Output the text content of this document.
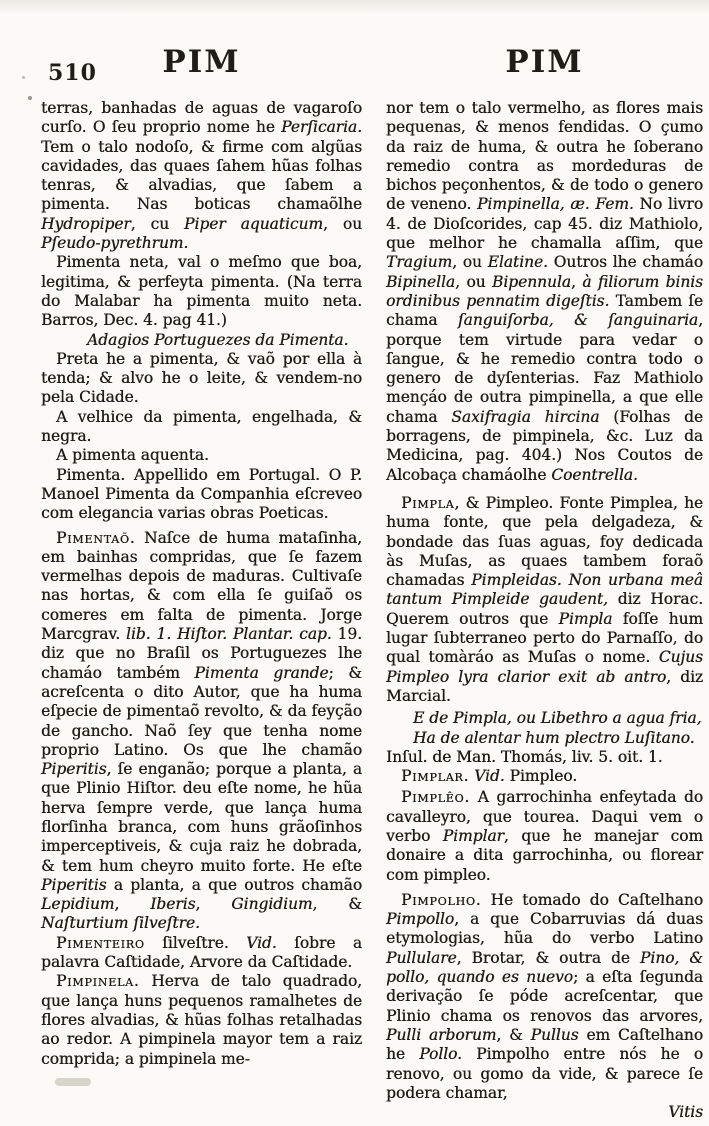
510	PIM	PIM

terras, banhadas de aguas de vagaroſo curſo. O ſeu proprio nome he Perſicaria. Tem o talo nodoſo, & firme com algũas cavidades, das quaes ſahem hũas folhas tenras, & alvadias, que ſabem a pimenta. Nas boticas chamaõlhe Hydropiper, cu Piper aquaticum, ou Pſeudo-pyrethrum.

Pimenta neta, val o meſmo que boa, legitima, & perfeyta pimenta. (Na terra do Malabar ha pimenta muito neta. Barros, Dec. 4. pag 41.)

Adagios Portuguezes da Pimenta.

Preta he a pimenta, & vaõ por ella à tenda; & alvo he o leite, & vendem-no pela Cidade.

A velhice da pimenta, engelhada, & negra.

A pimenta aquenta.

Pimenta. Appellido em Portugal. O P. Manoel Pimenta da Companhia eſcreveo com elegancia varias obras Poeticas.

Pimentaõ. Naſce de huma mataſinha, em bainhas compridas, que ſe fazem vermelhas depois de maduras. Cultivaſe nas hortas, & com ella ſe guiſaõ os comeres em falta de pimenta. Jorge Marcgrav. lib. 1. Hiſtor. Plantar. cap. 19. diz que no Braſil os Portuguezes lhe chamáo também Pimenta grande; & acreſcenta o dito Autor, que ha huma eſpecie de pimentaõ revolto, & da feyção de gancho. Naõ ſey que tenha nome proprio Latino. Os que lhe chamão Piperitis, ſe enganão; porque a planta, a que Plinio Hiſtor. deu eſte nome, he hũa herva ſempre verde, que lança huma florſinha branca, com huns grãoſinhos imperceptiveis, & cuja raiz he dobrada, & tem hum cheyro muito forte. He eſte Piperitis a planta, a que outros chamão Lepidium, Iberis, Gingidium, & Naſturtium ſilveſtre.

Pimenteiro ſilveſtre. Vid. ſobre a palavra Caſtidade, Arvore da Caſtidade.

Pimpinela. Herva de talo quadrado, que lança huns pequenos ramalhetes de flores alvadias, & hũas folhas retalhadas ao redor. A pimpinela mayor tem a raiz comprida; a pimpinela me-

nor tem o talo vermelho, as flores mais pequenas, & menos fendidas. O çumo da raiz de huma, & outra he ſoberano remedio contra as mordeduras de bichos peçonhentos, & de todo o genero de veneno. Pimpinella, æ. Fem. No livro 4. de Dioſcorides, cap 45. diz Mathiolo, que melhor he chamalla aſſim, que Tragium, ou Elatine. Outros lhe chamáo Bipinella, ou Bipennula, à filiorum binis ordinibus pennatim digeſtis. Tambem ſe chama ſanguiſorba, & ſanguinaria, porque tem virtude para vedar o ſangue, & he remedio contra todo o genero de dyſenterias. Faz Mathiolo mençáo de outra pimpinella, a que elle chama Saxifragia hircina (Folhas de borragens, de pimpinela, &c. Luz da Medicina, pag. 404.) Nos Coutos de Alcobaça chamáolhe Coentrella.

Pimpla, & Pimpleo. Fonte Pimplea, he huma fonte, que pela delgadeza, & bondade das ſuas aguas, foy dedicada às Muſas, as quaes tambem foraõ chamadas Pimpleidas. Non urbana meâ tantum Pimpleide gaudent, diz Horac. Querem outros que Pimpla foſſe hum lugar ſubterraneo perto do Parnaſſo, do qual tomàráo as Muſas o nome. Cujus Pimpleo lyra clarior exit ab antro, diz Marcial.

E de Pimpla, ou Libethro a agua fria,

Ha de alentar hum plectro Luſitano.

Inſul. de Man. Thomás, liv. 5. oit. 1.

Pimplar. Vid. Pimpleo.

Pimplêo. A garrochinha enfeytada do cavalleyro, que tourea. Daqui vem o verbo Pimplar, que he manejar com donaire a dita garrochinha, ou florear com pimpleo.

Pimpolho. He tomado do Caſtelhano Pimpollo, a que Cobarruvias dá duas etymologias, hũa do verbo Latino Pullulare, Brotar, & outra de Pino, & pollo, quando es nuevo; a eſta ſegunda derivação ſe póde acreſcentar, que Plinio chama os renovos das arvores, Pulli arborum, & Pullus em Caſtelhano he Pollo. Pimpolho entre nós he o renovo, ou gomo da vide, & parece ſe podera chamar,

Vitis
